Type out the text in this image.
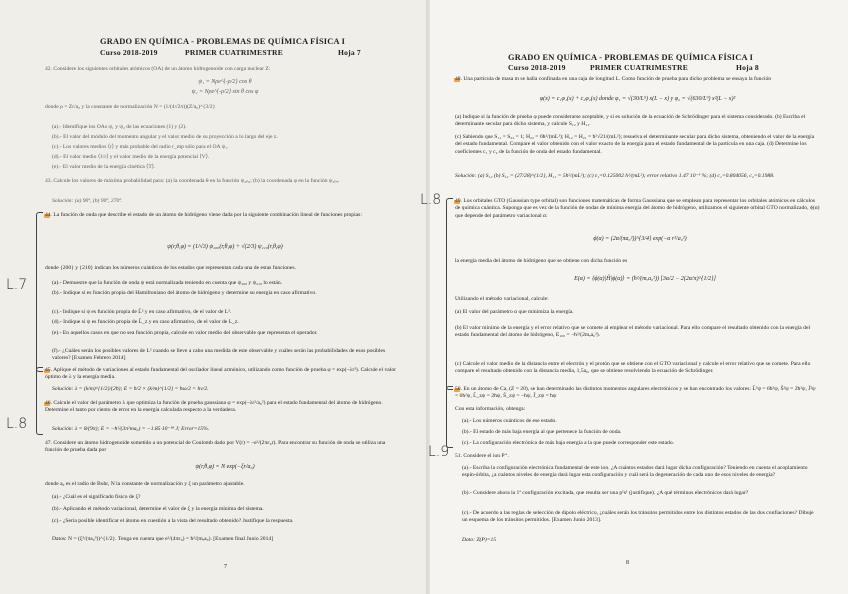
GRADO EN QUÍMICA - PROBLEMAS DE QUÍMICA FÍSICA I
Curso 2018-2019	PRIMER CUATRIMESTRE	Hoja 7
42. Considere los siguientes orbitales atómicos (OA) de un átomo hidrogenoide con carga nuclear Z:
ψ₁ = Nρe^{-ρ/2} cos θ
ψ₂ = Nρe^{-ρ/2} sin θ cos φ
donde ρ = Zr/a₀ y la constante de normalización N = (1/(4√2π))(Z/a₀)^{3/2}
(a).- Identifique los OAs ψ₁ y ψ₂ de las ecuaciones (1) y (2).
(b).- El valor del módulo del momento angular y el valor medio de su proyección a lo largo del eje z.
(c).- Los valores medios ⟨r⟩ y más probable del radio r_mp sólo para el OA ψ₁.
(d).- El valor medio ⟨1/r⟩ y el valor medio de la energía potencial ⟨V⟩.
(e).- El valor medio de la energía cinética ⟨T⟩.
43. Calcule los valores de máxima probabilidad para: (a) la coordenada θ en la función ψ₂ₚ₀; (b) la coordenada φ en la función ψ₂ₚₓ.
Solución: (a) 90º, (b) 90º, 270º.
44. La función de onda que describe el estado de un átomo de hidrógeno viene dada por la siguiente combinación lineal de funciones propias:
ψ(r,θ,φ) = (1/√3) ψ₂₀₀(r,θ,φ) + √(2/3) ψ₂₁₀(r,θ,φ)
donde {200} y {210} indican los números cuánticos de los estados que representan cada una de estas funciones.
(a).- Demuestre que la función de onda ψ está normalizada teniendo en cuenta que ψ₂₀₀ y ψ₂₁₀ lo están.
(b).- Indique si es función propia del Hamiltoniano del átomo de hidrógeno y determine su energía en caso afirmativo.
(c).- Indique si ψ es función propia de L̂² y en caso afirmativo, de el valor de L².
(d).- Indique si ψ es función propia de L̂_z y en caso afirmativo, de el valor de L_z.
(e).- En aquellos casos en que no sea función propia, calcule en valor medio del observable que representa el operador.
(f).- ¿Cuáles serán los posibles valores de L² cuando se lleve a cabo una medida de este observable y cuáles serán las probabilidades de esos posibles valores? [Examen Febrero 2014]
45. Aplique el método de variaciones al estado fundamental del oscilador lineal armónico, utilizando como función de prueba φ = exp(−λr²). Calcule el valor óptimo de λ y la energía media.
Solución: λ = (k/m)^{1/2}/(2ħ); E = ħ/2 × (k/m)^{1/2} = ħω/2 = hν/2.
46. Calcule el valor del parámetro λ que optimiza la función de prueba gaussiana φ = exp(−λr²/a₀²) para el estado fundamental del átomo de hidrógeno. Determine el tanto por ciento de error en la energía calculada respecto a la verdadera.
Solución: λ = 8/(9π); E = −ħ²/(3π²ma₀) = −1.85·10⁻¹⁸ J; Error=15%.
47. Considere un átomo hidrogenoide sometido a un potencial de Coulomb dado por V(r) = −e²/(2πε₀r). Para encontrar su función de onda se utiliza una función de prueba dada por
ψ(r,θ,φ) = N exp(−ξr/a₀)
donde a₀ es el radio de Bohr, N la constante de normalización y ξ un parámetro ajustable.
(a).- ¿Cuál es el significado físico de ξ?
(b).- Aplicando el método variacional, determine el valor de ξ y la energía mínima del sistema.
(c).- ¿Sería posible identificar el átomo en cuestión a la vista del resultado obtenido? Justifique la respuesta.
Datos: N = (ξ³/(πa₀³))^{1/2}. Tenga en cuenta que e²/(4πε₀) = ħ²/(mₑa₀). [Examen final Junio 2014]
7
L.7
L.8
GRADO EN QUÍMICA - PROBLEMAS DE QUÍMICA FÍSICA I
Curso 2018-2019	PRIMER CUATRIMESTRE	Hoja 8
48. Una partícula de masa m se halla confinada en una caja de longitud L. Como función de prueba para dicho problema se ensaya la función
φ(x) = c₁φ₁(x) + c₂φ₂(x) donde φ₁ = √(30/L⁵) x(L − x) y φ₂ = √(630/L⁹) x²(L − x)²
(a) Indique si la función de prueba φ puede considerarse aceptable, y si es solución de la ecuación de Schrödinger para el sistema considerado. (b) Escriba el determinante secular para dicho sistema, y calcule S₁₂ y H₁₁.
(c) Sabiendo que S₁₁ = S₂₂ = 1; H₂₂ = 6ħ²/(mL²); H₁₂ = H₂₁ = ħ²√21/(mL²); resuelva el determinante secular para dicho sistema, obteniendo el valor de la energía del estado fundamental. Compare el valor obtenido con el valor exacto de la energía para el estado fundamental de la partícula en una caja. (d) Determine los coeficientes c₁ y c₂ de la función de onda del estado fundamental.
Solución: (a) S₁₂ (b) S₁₂ = (27/28)^{1/2}, H₁₁ = 5ħ²/(mL²); (c) ε₁=0.125002 h²/(mL²); error relativo 1.47 10⁻³ %; (d) c₁=0.804056, c₂=0.1988.
49. Los orbitales GTO (Gaussian type orbital) son funciones matemáticas de forma Gaussiana que se emplean para representar los orbitales atómicos en cálculos de química cuántica. Suponga que es vez de la función de ondas de mínima energía del átomo de hidrógeno, utilizamos el siguiente orbital GTO normalizado, ϕ(α) que depende del parámetro variacional α:
ϕ(α) = (2α/(πa₀²))^{3/4} exp(−α r²/a₀²)
la energía media del átomo de hidrógeno que se obtiene con dicha función es
E(α) = ⟨ϕ(α)|Ĥ|ϕ(α)⟩ = (ħ²/(mₑa₀²)) [3α/2 − 2(2α/π)^{1/2}]
Utilizando el método variacional, calcule:
(a) El valor del parámetro α que minimiza la energía.
(b) El valor mínimo de la energía y el error relativo que se comete al emplear el método variacional. Para ello compare el resultado obtenido con la energía del estado fundamental del átomo de hidrógeno, E₁₀₀ = −ħ²/(2mₑa₀²).
(c) Calcule el valor medio de la distancia entre el electrón y el protón que se obtiene con el GTO variacional y calcule el error relativo que se comete. Para ello compare el resultado obtenido con la distancia media, 1,5a₀, que se obtiene resolviendo la ecuación de Schrödinger.
50. En un átomo de Ca, (Z = 20), se han determinado las distintos momentos angulares electrónicos y se han encontrado los valores: L̂²ψ = 6ħ²ψ, Ŝ²ψ = 2ħ²ψ, Ĵ²ψ = 6ħ²ψ, L̂_zψ = 2ħψ, Ŝ_zψ = −ħψ, Ĵ_zψ = ħψ
Con esta información, obtenga:
(a).- Los números cuánticos de ese estado.
(b).- El estado de más baja energía al que pertenece la función de onda.
(c).- La configuración electrónica de más baja energía a la que puede corresponder este estado.
51. Considere el ion P⁺.
(a).- Escriba la configuración electrónica fundamental de este ion. ¿A cuántos estados dará lugar dicha configuración? Teniendo en cuenta el acoplamiento espín-órbita, ¿a cuántos niveles de energía dará lugar esta configuración y cuál será la degeneración de cada uno de esos niveles de energía?
(b).- Considere ahora la 1ª configuración excitada, que resulta ser una p¹s¹ (justifique). ¿A qué términos electrónicos dará lugar?
(c).- De acuerdo a las reglas de selección de dipolo eléctrico, ¿cuáles serán los tránsitos permitidos entre los distintos estados de las dos confiaciones? Dibuje un esquema de los tránsitos permitidos. [Examen Junio 2013].
Dato: Z(P)=15
8
L.8
L.9
